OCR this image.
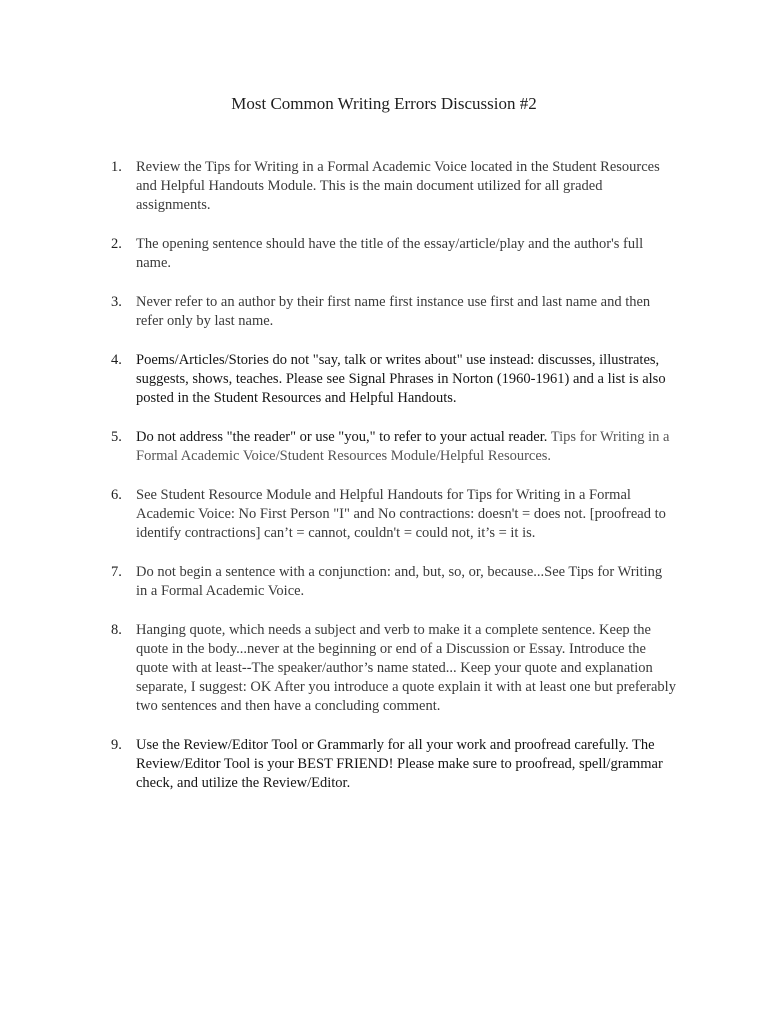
Most Common Writing Errors Discussion #2
1. Review the Tips for Writing in a Formal Academic Voice located in the Student Resources and Helpful Handouts Module. This is the main document utilized for all graded assignments.
2. The opening sentence should have the title of the essay/article/play and the author's full name.
3. Never refer to an author by their first name first instance use first and last name and then refer only by last name.
4. Poems/Articles/Stories do not "say, talk or writes about" use instead: discusses, illustrates, suggests, shows, teaches. Please see Signal Phrases in Norton (1960-1961) and a list is also posted in the Student Resources and Helpful Handouts.
5. Do not address "the reader" or use "you," to refer to your actual reader. Tips for Writing in a Formal Academic Voice/Student Resources Module/Helpful Resources.
6. See Student Resource Module and Helpful Handouts for Tips for Writing in a Formal Academic Voice: No First Person "I" and No contractions: doesn't = does not. [proofread to identify contractions] can’t = cannot, couldn't = could not, it’s = it is.
7. Do not begin a sentence with a conjunction: and, but, so, or, because...See Tips for Writing in a Formal Academic Voice.
8. Hanging quote, which needs a subject and verb to make it a complete sentence. Keep the quote in the body...never at the beginning or end of a Discussion or Essay. Introduce the quote with at least--The speaker/author’s name stated... Keep your quote and explanation separate, I suggest: OK After you introduce a quote explain it with at least one but preferably two sentences and then have a concluding comment.
9. Use the Review/Editor Tool or Grammarly for all your work and proofread carefully. The Review/Editor Tool is your BEST FRIEND! Please make sure to proofread, spell/grammar check, and utilize the Review/Editor.
